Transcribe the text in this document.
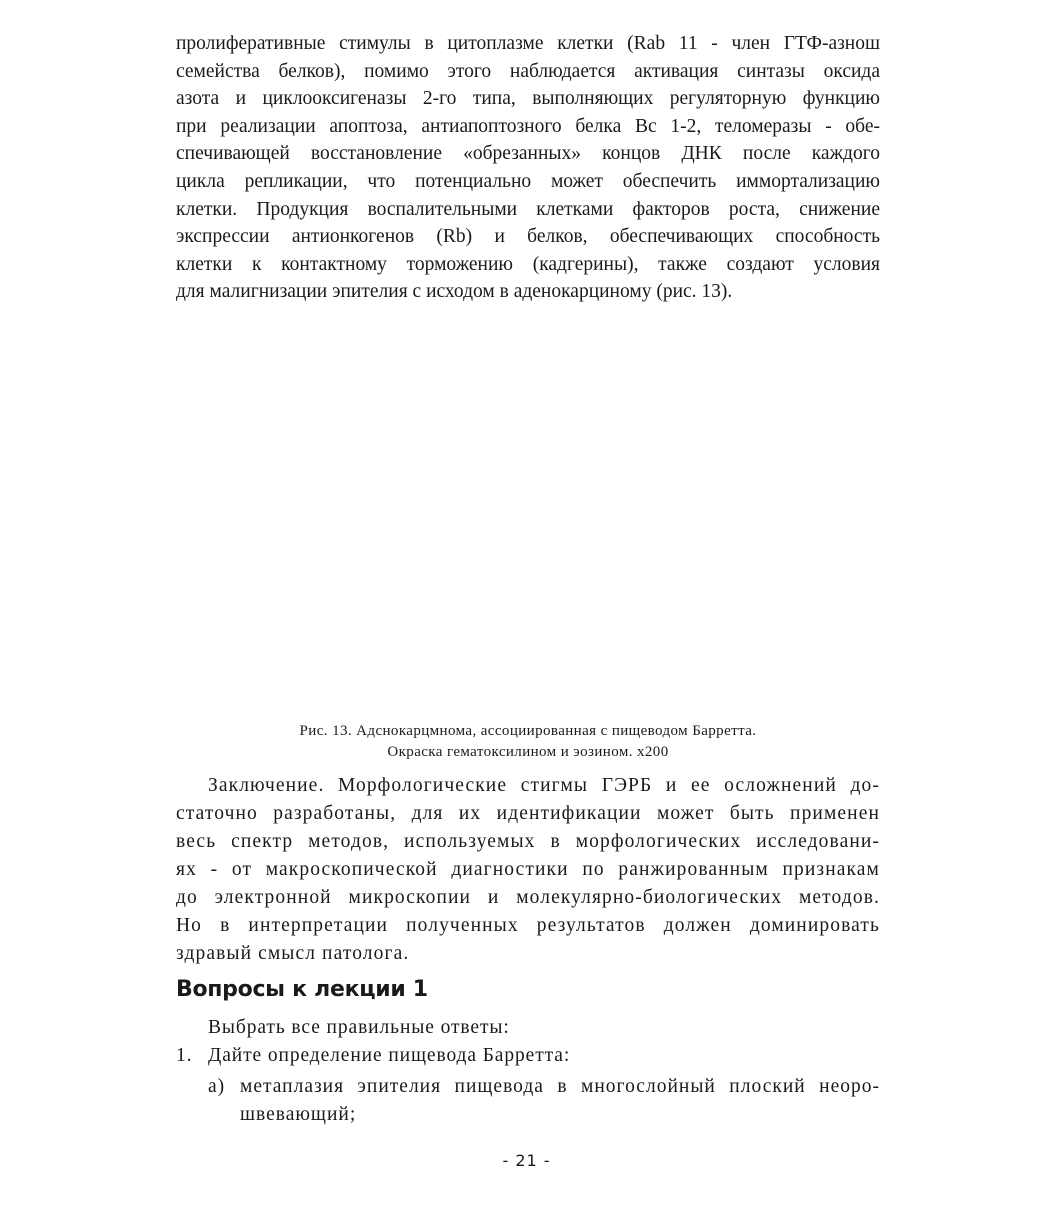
пролиферативные стимулы в цитоплазме клетки (Rab 11 - член ГТФ-азнош
семейства белков), помимо этого наблюдается активация синтазы оксида
азота и циклооксигеназы 2-го типа, выполняющих регуляторную функцию
при реализации апоптоза, антиапоптозного белка Вс 1-2, теломеразы - обе-
спечивающей восстановление «обрезанных» концов ДНК после каждого
цикла репликации, что потенциально может обеспечить иммортализацию
клетки. Продукция воспалительными клетками факторов роста, снижение
экспрессии антионкогенов (Rb) и белков, обеспечивающих способность
клетки к контактному торможению (кадгерины), также создают условия
для малигнизации эпителия с исходом в аденокарциному (рис. 13).
Рис. 13. Адснокарцмнома, ассоциированная с пищеводом Барретта.
Окраска гематоксилином и эозином. х200
Заключение. Морфологические стигмы ГЭРБ и ее осложнений до-
статочно разработаны, для их идентификации может быть применен
весь спектр методов, используемых в морфологических исследовани-
ях - от макроскопической диагностики по ранжированным признакам
до электронной микроскопии и молекулярно-биологических методов.
Но в интерпретации полученных результатов должен доминировать
здравый смысл патолога.
Вопросы к лекции 1
Выбрать все правильные ответы:
1. Дайте определение пищевода Барретта:
а) метаплазия эпителия пищевода в многослойный плоский неоро-
швевающий;
- 21 -
